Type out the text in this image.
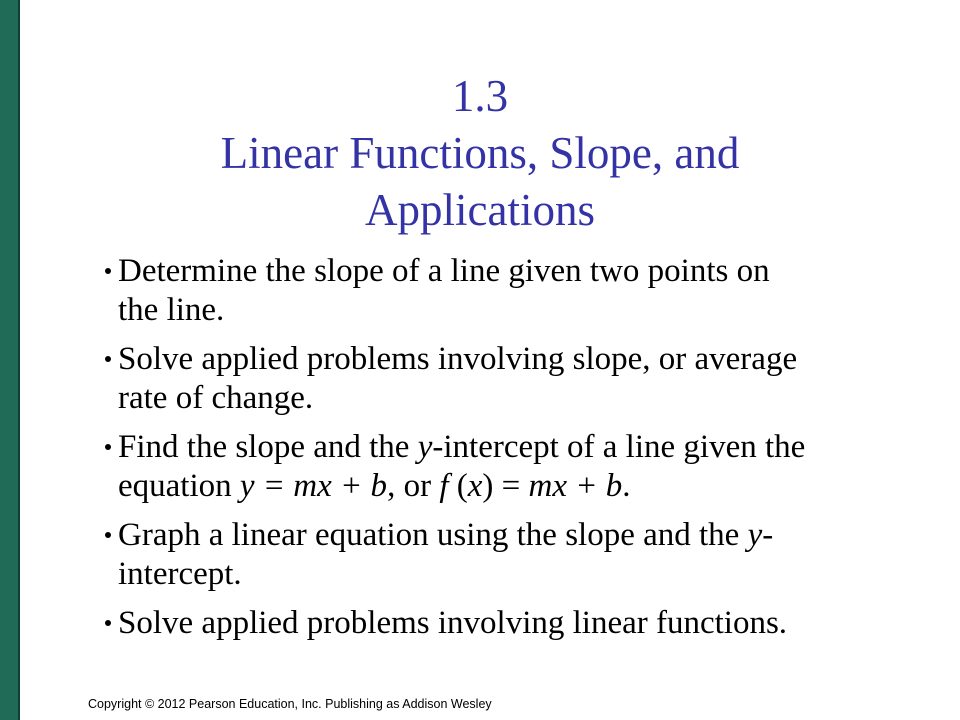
1.3
Linear Functions, Slope, and
Applications
Determine the slope of a line given two points on
the line.
Solve applied problems involving slope, or average
rate of change.
Find the slope and the y-intercept of a line given the
equation y = mx + b, or f (x) = mx + b.
Graph a linear equation using the slope and the y-
intercept.
Solve applied problems involving linear functions.
Copyright © 2012 Pearson Education, Inc. Publishing as Addison Wesley
